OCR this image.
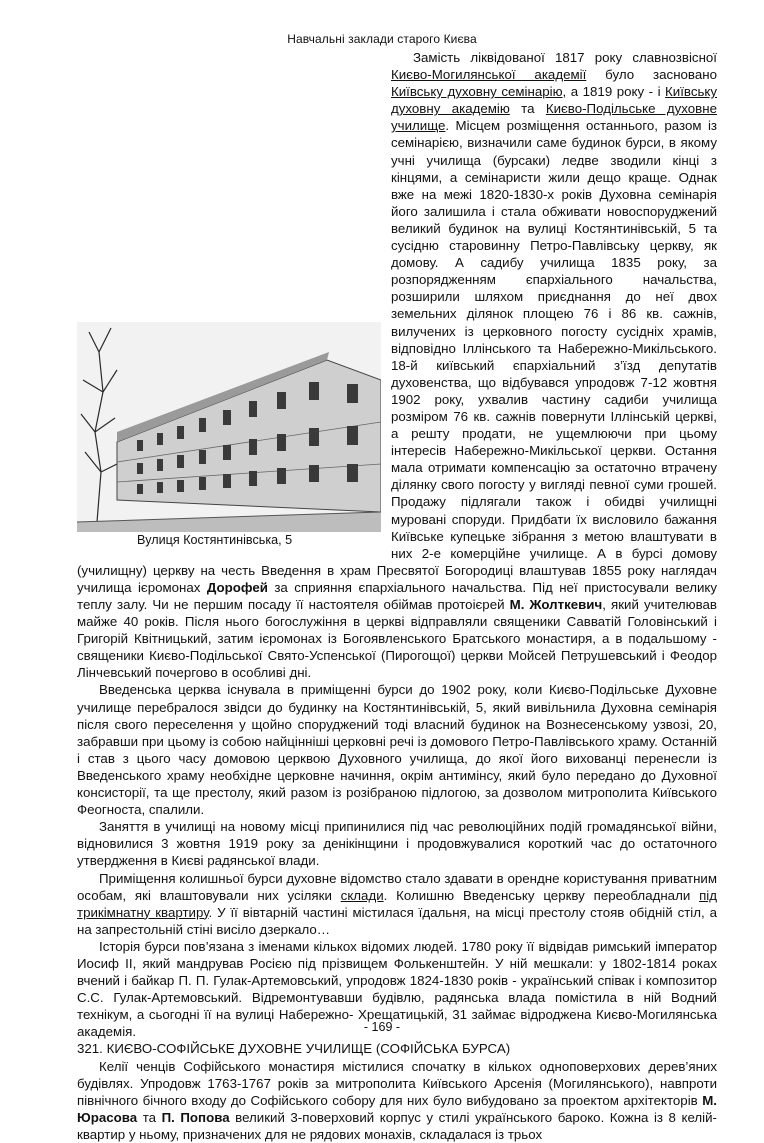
Навчальні заклади старого Києва
Вулиця Костянтинівська, 5

Замість ліквідованої 1817 року славнозвісної Києво-Могилянської академії було засновано Київську духовну семінарію, а 1819 року - і Київську духовну академію та Києво-Подільське духовне училище. Місцем розміщення останнього, разом із семінарією, визначили саме будинок бурси, в якому учні училища (бурсаки) ледве зводили кінці з кінцями, а семінаристи жили дещо краще. Однак вже на межі 1820-1830-х років Духовна семінарія його залишила і стала обживати новоспоруджений великий будинок на вулиці Костянтинівській, 5 та сусідню старовинну Петро-Павлівську церкву, як домову. А садибу училища 1835 року, за розпорядженням єпархіального начальства, розширили шляхом приєднання до неї двох земельних ділянок площею 76 і 86 кв. сажнів, вилучених із церковного погосту сусідніх храмів, відповідно Іллінського та Набережно-Микільського. 18-й київський єпархіальний з’їзд депутатів духовенства, що відбувався упродовж 7-12 жовтня 1902 року, ухвалив частину садиби училища розміром 76 кв. сажнів повернути Іллінській церкві, а решту продати, не ущемлюючи при цьому інтересів Набережно-Микільської церкви. Остання мала отримати компенсацію за остаточно втрачену ділянку свого погосту у вигляді певної суми грошей. Продажу підлягали також і обидві училищні муровані споруди. Придбати їх висловило бажання Київське купецьке зібрання з метою влаштувати в них 2-е комерційне училище. А в бурсі домову (училищну) церкву на честь Введення в храм Пресвятої Богородиці влаштував 1855 року наглядач училища ієромонах Дорофей за сприяння єпархіального начальства. Під неї пристосували велику теплу залу. Чи не першим посаду її настоятеля обіймав протоієрей М. Жолткевич, який учителював майже 40 років. Після нього богослужіння в церкві відправляли священики Савватій Головінський і Григорій Квітницький, затим ієромонах із Богоявленського Братського монастиря, а в подальшому - священики Києво-Подільської Свято-Успенської (Пирогощої) церкви Мойсей Петрушевський і Феодор Лінчевський почергово в особливі дні.

Введенська церква існувала в приміщенні бурси до 1902 року, коли Києво-Подільське Духовне училище перебралося звідси до будинку на Костянтинівській, 5, який вивільнила Духовна семінарія після свого переселення у щойно споруджений тоді власний будинок на Вознесенському узвозі, 20, забравши при цьому із собою найцінніші церковні речі із домового Петро-Павлівського храму. Останній і став з цього часу домовою церквою Духовного училища, до якої його вихованці перенесли із Введенського храму необхідне церковне начиння, окрім антимінсу, який було передано до Духовної консисторії, та ще престолу, який разом із розібраною підлогою, за дозволом митрополита Київського Феогноста, спалили.

Заняття в училищі на новому місці припинилися під час революційних подій громадянської війни, відновилися 3 жовтня 1919 року за денікінщини і продовжувалися короткий час до остаточного утвердження в Києві радянської влади.

Приміщення колишньої бурси духовне відомство стало здавати в орендне користування приватним особам, які влаштовували них усіляки склади. Колишню Введенську церкву переобладнали під трикімнатну квартиру. У її вівтарній частині містилася їдальня, на місці престолу стояв обідній стіл, а на запрестольній стіні висіло дзеркало…

Історія бурси пов’язана з іменами кількох відомих людей. 1780 року її відвідав римський імператор Иосиф II, який мандрував Росією під прізвищем Фолькенштейн. У ній мешкали: у 1802-1814 роках вчений і байкар П. П. Гулак-Артемовський, упродовж 1824-1830 років - український співак і композитор С.С. Гулак-Артемовський. Відремонтувавши будівлю, радянська влада помістила в ній Водний технікум, а сьогодні її на вулиці Набережно- Хрещатицькій, 31 займає відроджена Києво-Могилянська академія.

321. КИЄВО-СОФІЙСЬКЕ ДУХОВНЕ УЧИЛИЩЕ (СОФІЙСЬКА БУРСА)

Келії ченців Софійського монастиря містилися спочатку в кількох одноповерхових дерев’яних будівлях. Упродовж 1763-1767 років за митрополита Київського Арсенія (Могилянського), навпроти північного бічного входу до Софійського собору для них було вибудовано за проектом архітекторів М. Юрасова та П. Попова великий 3-поверховий корпус у стилі українського бароко. Кожна із 8 келій-квартир у ньому, призначених для не рядових монахів, складалася із трьох

- 169 -
